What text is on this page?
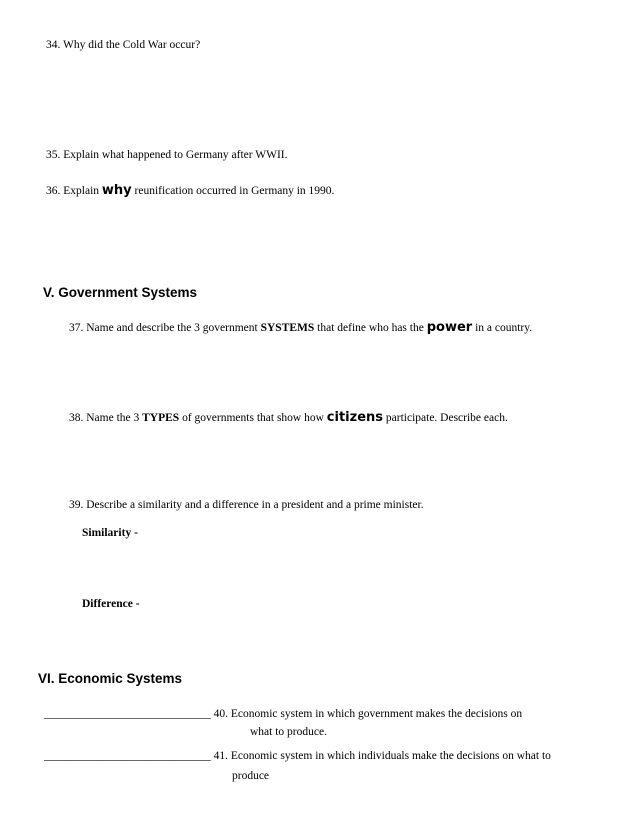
34. Why did the Cold War occur?
35. Explain what happened to Germany after WWII.
36. Explain why reunification occurred in Germany in 1990.
V. Government Systems
37. Name and describe the 3 government SYSTEMS that define who has the power in a country.
38. Name the 3 TYPES of governments that show how citizens participate. Describe each.
39. Describe a similarity and a difference in a president and a prime minister.
Similarity -
Difference -
VI. Economic Systems
_____________________________ 40. Economic system in which government makes the decisions on
what to produce.
_____________________________ 41. Economic system in which individuals make the decisions on what to
produce
